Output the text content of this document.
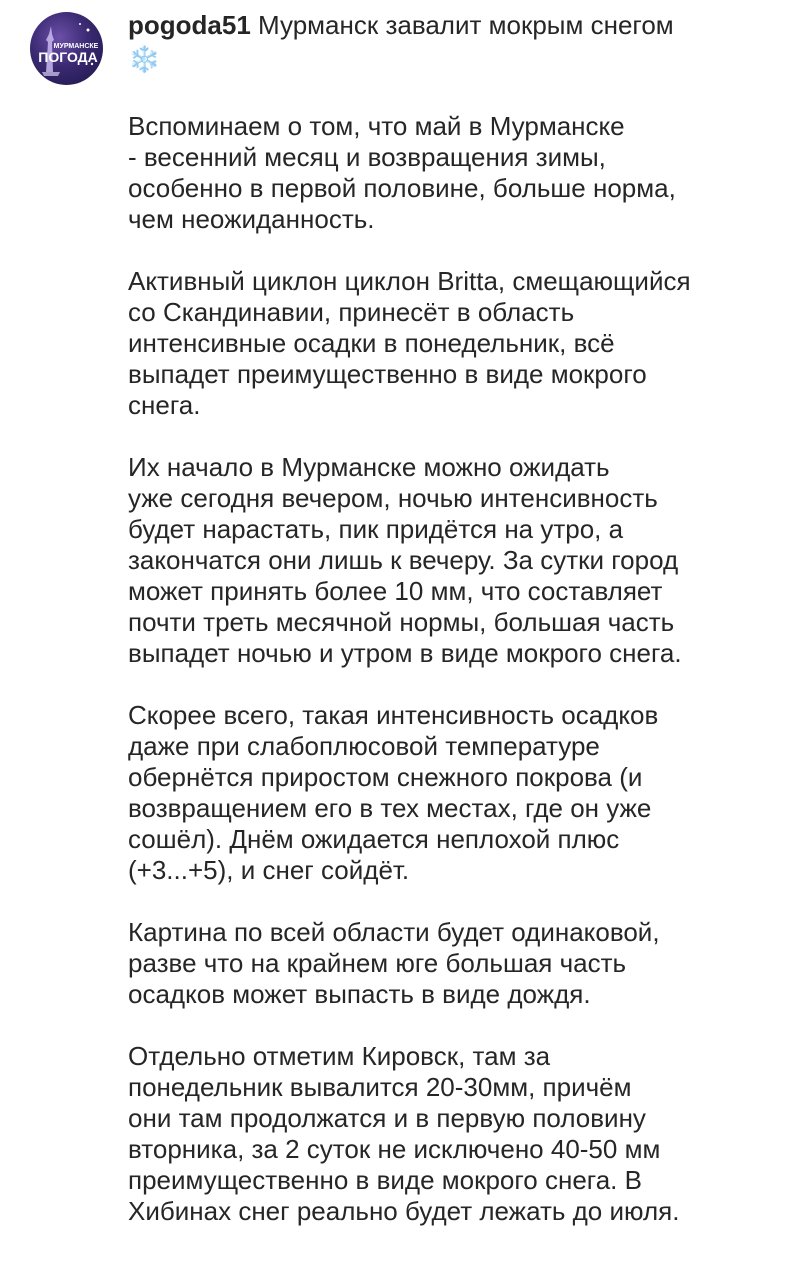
МУРМАНСКЕ
ПОГОДА
pogoda51 Мурманск завалит мокрым снегом
❄️
Вспоминаем о том, что май в Мурманске
- весенний месяц и возвращения зимы,
особенно в первой половине, больше норма,
чем неожиданность.
Активный циклон циклон Britta, смещающийся
со Скандинавии, принесёт в область
интенсивные осадки в понедельник, всё
выпадет преимущественно в виде мокрого
снега.
Их начало в Мурманске можно ожидать
уже сегодня вечером, ночью интенсивность
будет нарастать, пик придётся на утро, а
закончатся они лишь к вечеру. За сутки город
может принять более 10 мм, что составляет
почти треть месячной нормы, большая часть
выпадет ночью и утром в виде мокрого снега.
Скорее всего, такая интенсивность осадков
даже при слабоплюсовой температуре
обернётся приростом снежного покрова (и
возвращением его в тех местах, где он уже
сошёл). Днём ожидается неплохой плюс
(+3...+5), и снег сойдёт.
Картина по всей области будет одинаковой,
разве что на крайнем юге большая часть
осадков может выпасть в виде дождя.
Отдельно отметим Кировск, там за
понедельник вывалится 20-30мм, причём
они там продолжатся и в первую половину
вторника, за 2 суток не исключено 40-50 мм
преимущественно в виде мокрого снега. В
Хибинах снег реально будет лежать до июля.
